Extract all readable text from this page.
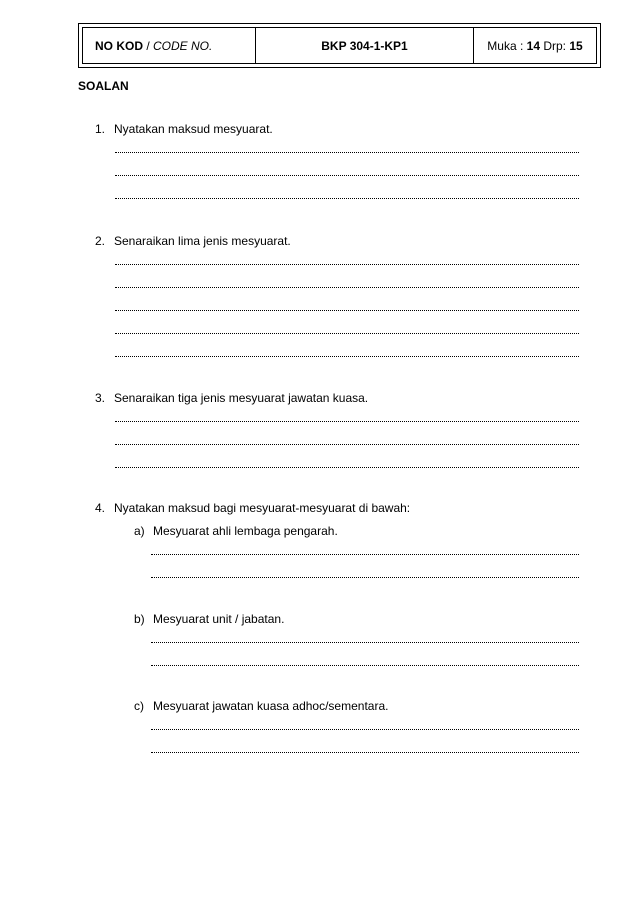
NO KOD / CODE NO.	BKP 304-1-KP1	Muka : 14 Drp: 15
SOALAN
1. Nyatakan maksud mesyuarat.
2. Senaraikan lima jenis mesyuarat.
3. Senaraikan tiga jenis mesyuarat jawatan kuasa.
4. Nyatakan maksud bagi mesyuarat-mesyuarat di bawah:
a) Mesyuarat ahli lembaga pengarah.
b) Mesyuarat unit / jabatan.
c) Mesyuarat jawatan kuasa adhoc/sementara.
